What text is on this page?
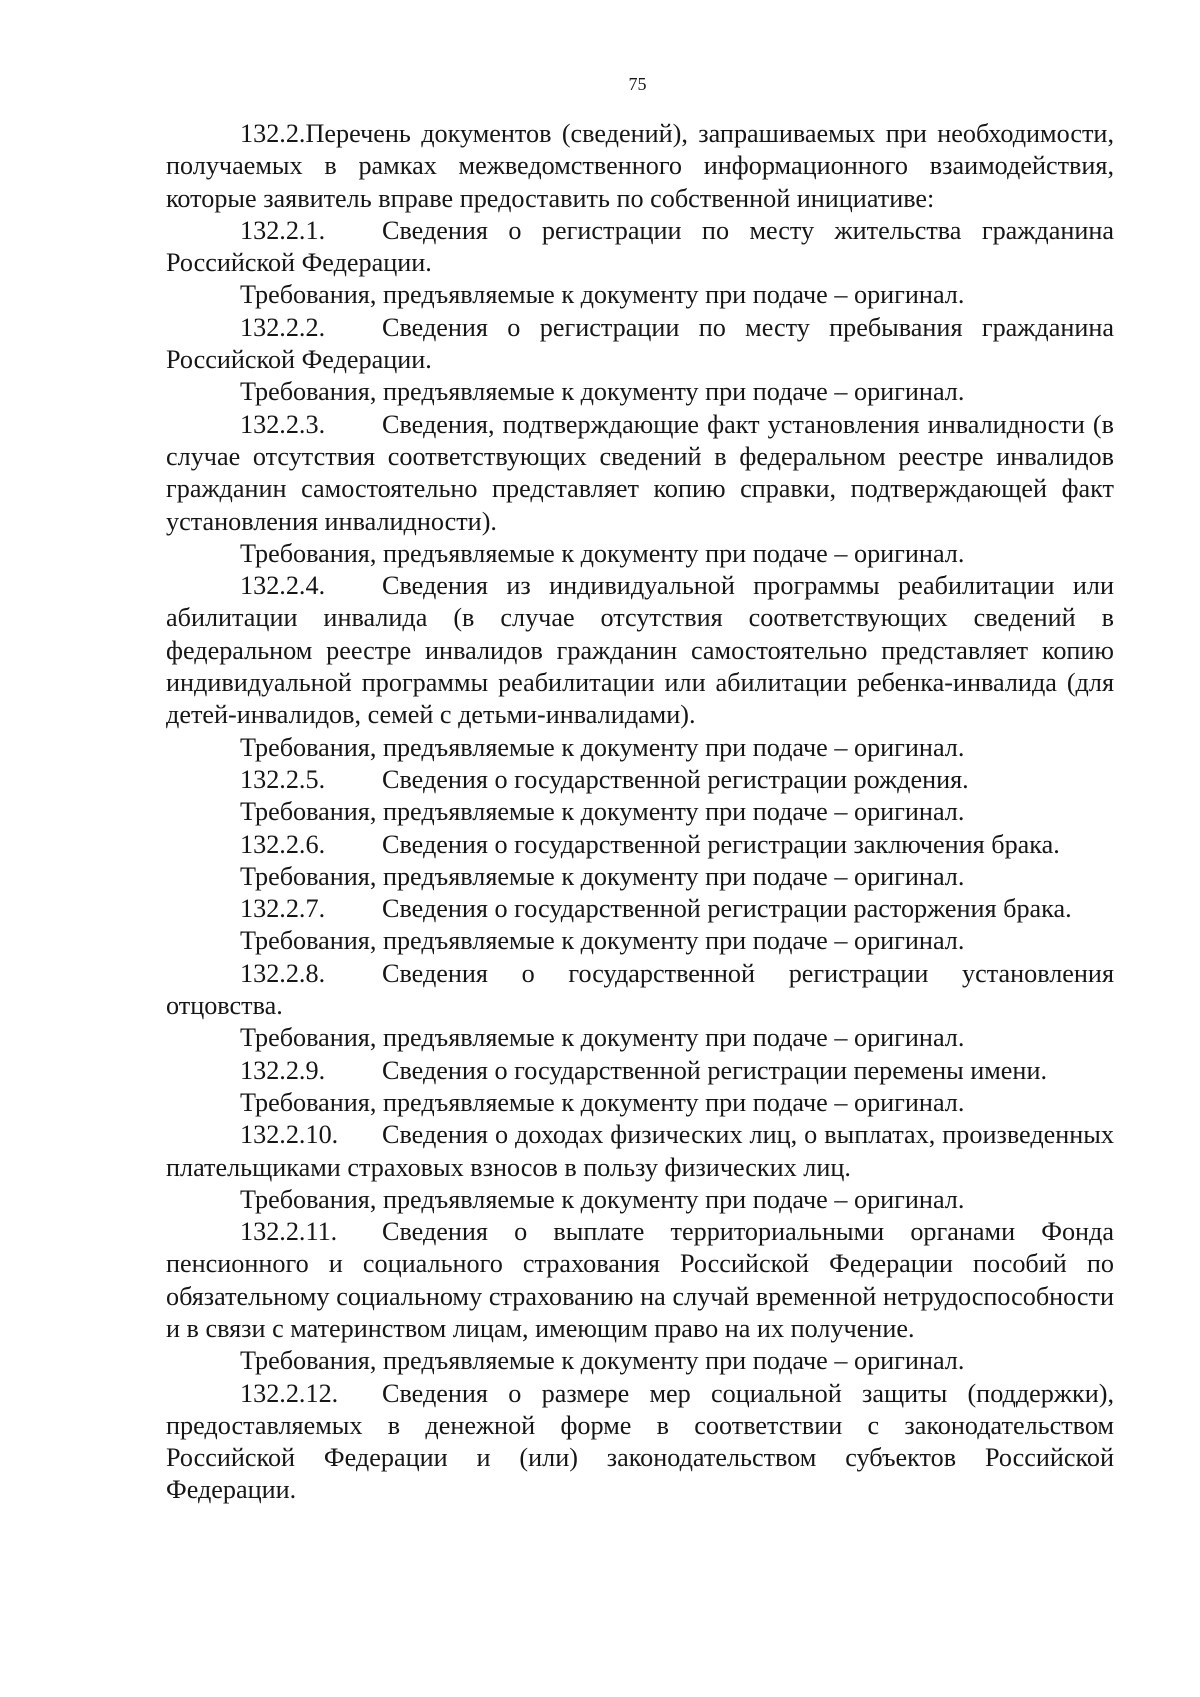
75

132.2.Перечень документов (сведений), запрашиваемых при необходимости, получаемых в рамках межведомственного информационного взаимодействия, которые заявитель вправе предоставить по собственной инициативе:

132.2.1. Сведения о регистрации по месту жительства гражданина Российской Федерации.

Требования, предъявляемые к документу при подаче – оригинал.

132.2.2. Сведения о регистрации по месту пребывания гражданина Российской Федерации.

Требования, предъявляемые к документу при подаче – оригинал.

132.2.3. Сведения, подтверждающие факт установления инвалидности (в случае отсутствия соответствующих сведений в федеральном реестре инвалидов гражданин самостоятельно представляет копию справки, подтверждающей факт установления инвалидности).

Требования, предъявляемые к документу при подаче – оригинал.

132.2.4. Сведения из индивидуальной программы реабилитации или абилитации инвалида (в случае отсутствия соответствующих сведений в федеральном реестре инвалидов гражданин самостоятельно представляет копию индивидуальной программы реабилитации или абилитации ребенка-инвалида (для детей-инвалидов, семей с детьми-инвалидами).

Требования, предъявляемые к документу при подаче – оригинал.

132.2.5. Сведения о государственной регистрации рождения.

Требования, предъявляемые к документу при подаче – оригинал.

132.2.6. Сведения о государственной регистрации заключения брака.

Требования, предъявляемые к документу при подаче – оригинал.

132.2.7. Сведения о государственной регистрации расторжения брака.

Требования, предъявляемые к документу при подаче – оригинал.

132.2.8. Сведения о государственной регистрации установления отцовства.

Требования, предъявляемые к документу при подаче – оригинал.

132.2.9. Сведения о государственной регистрации перемены имени.

Требования, предъявляемые к документу при подаче – оригинал.

132.2.10. Сведения о доходах физических лиц, о выплатах, произведенных плательщиками страховых взносов в пользу физических лиц.

Требования, предъявляемые к документу при подаче – оригинал.

132.2.11. Сведения о выплате территориальными органами Фонда пенсионного и социального страхования Российской Федерации пособий по обязательному социальному страхованию на случай временной нетрудоспособности и в связи с материнством лицам, имеющим право на их получение.

Требования, предъявляемые к документу при подаче – оригинал.

132.2.12. Сведения о размере мер социальной защиты (поддержки), предоставляемых в денежной форме в соответствии с законодательством Российской Федерации и (или) законодательством субъектов Российской Федерации.
